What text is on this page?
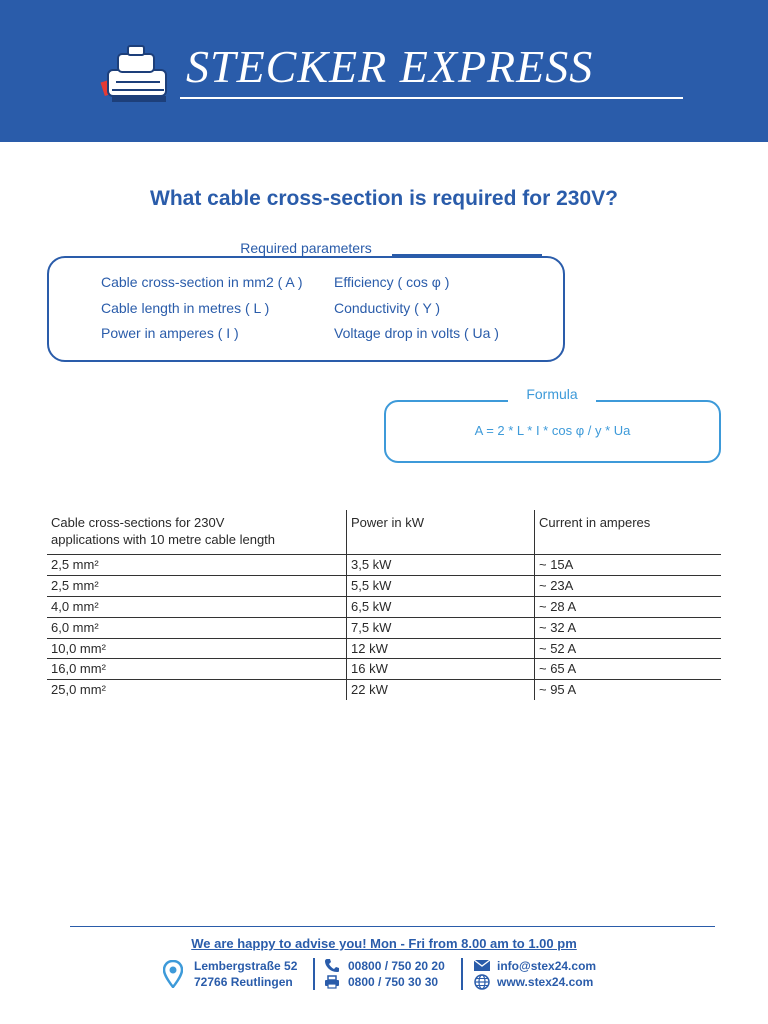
STECKER EXPRESS
What cable cross-section is required for 230V?
Required parameters
Cable cross-section in mm2 ( A )
Cable length in metres ( L )
Power in amperes ( I )
Efficiency ( cos φ )
Conductivity ( Y )
Voltage drop in volts ( Ua )
Formula
A = 2 * L * I * cos φ / y * Ua
Cable cross-sections for 230V
applications with 10 metre cable length
Power in kW	Current in amperes
2,5 mm²	3,5 kW	~ 15A
2,5 mm²	5,5 kW	~ 23A
4,0 mm²	6,5 kW	~ 28 A
6,0 mm²	7,5 kW	~ 32 A
10,0 mm²	12 kW	~ 52 A
16,0 mm²	16 kW	~ 65 A
25,0 mm²	22 kW	~ 95 A
We are happy to advise you! Mon - Fri from 8.00 am to 1.00 pm
Lembergstraße 52
72766 Reutlingen
00800 / 750 20 20
0800 / 750 30 30
info@stex24.com
www.stex24.com
